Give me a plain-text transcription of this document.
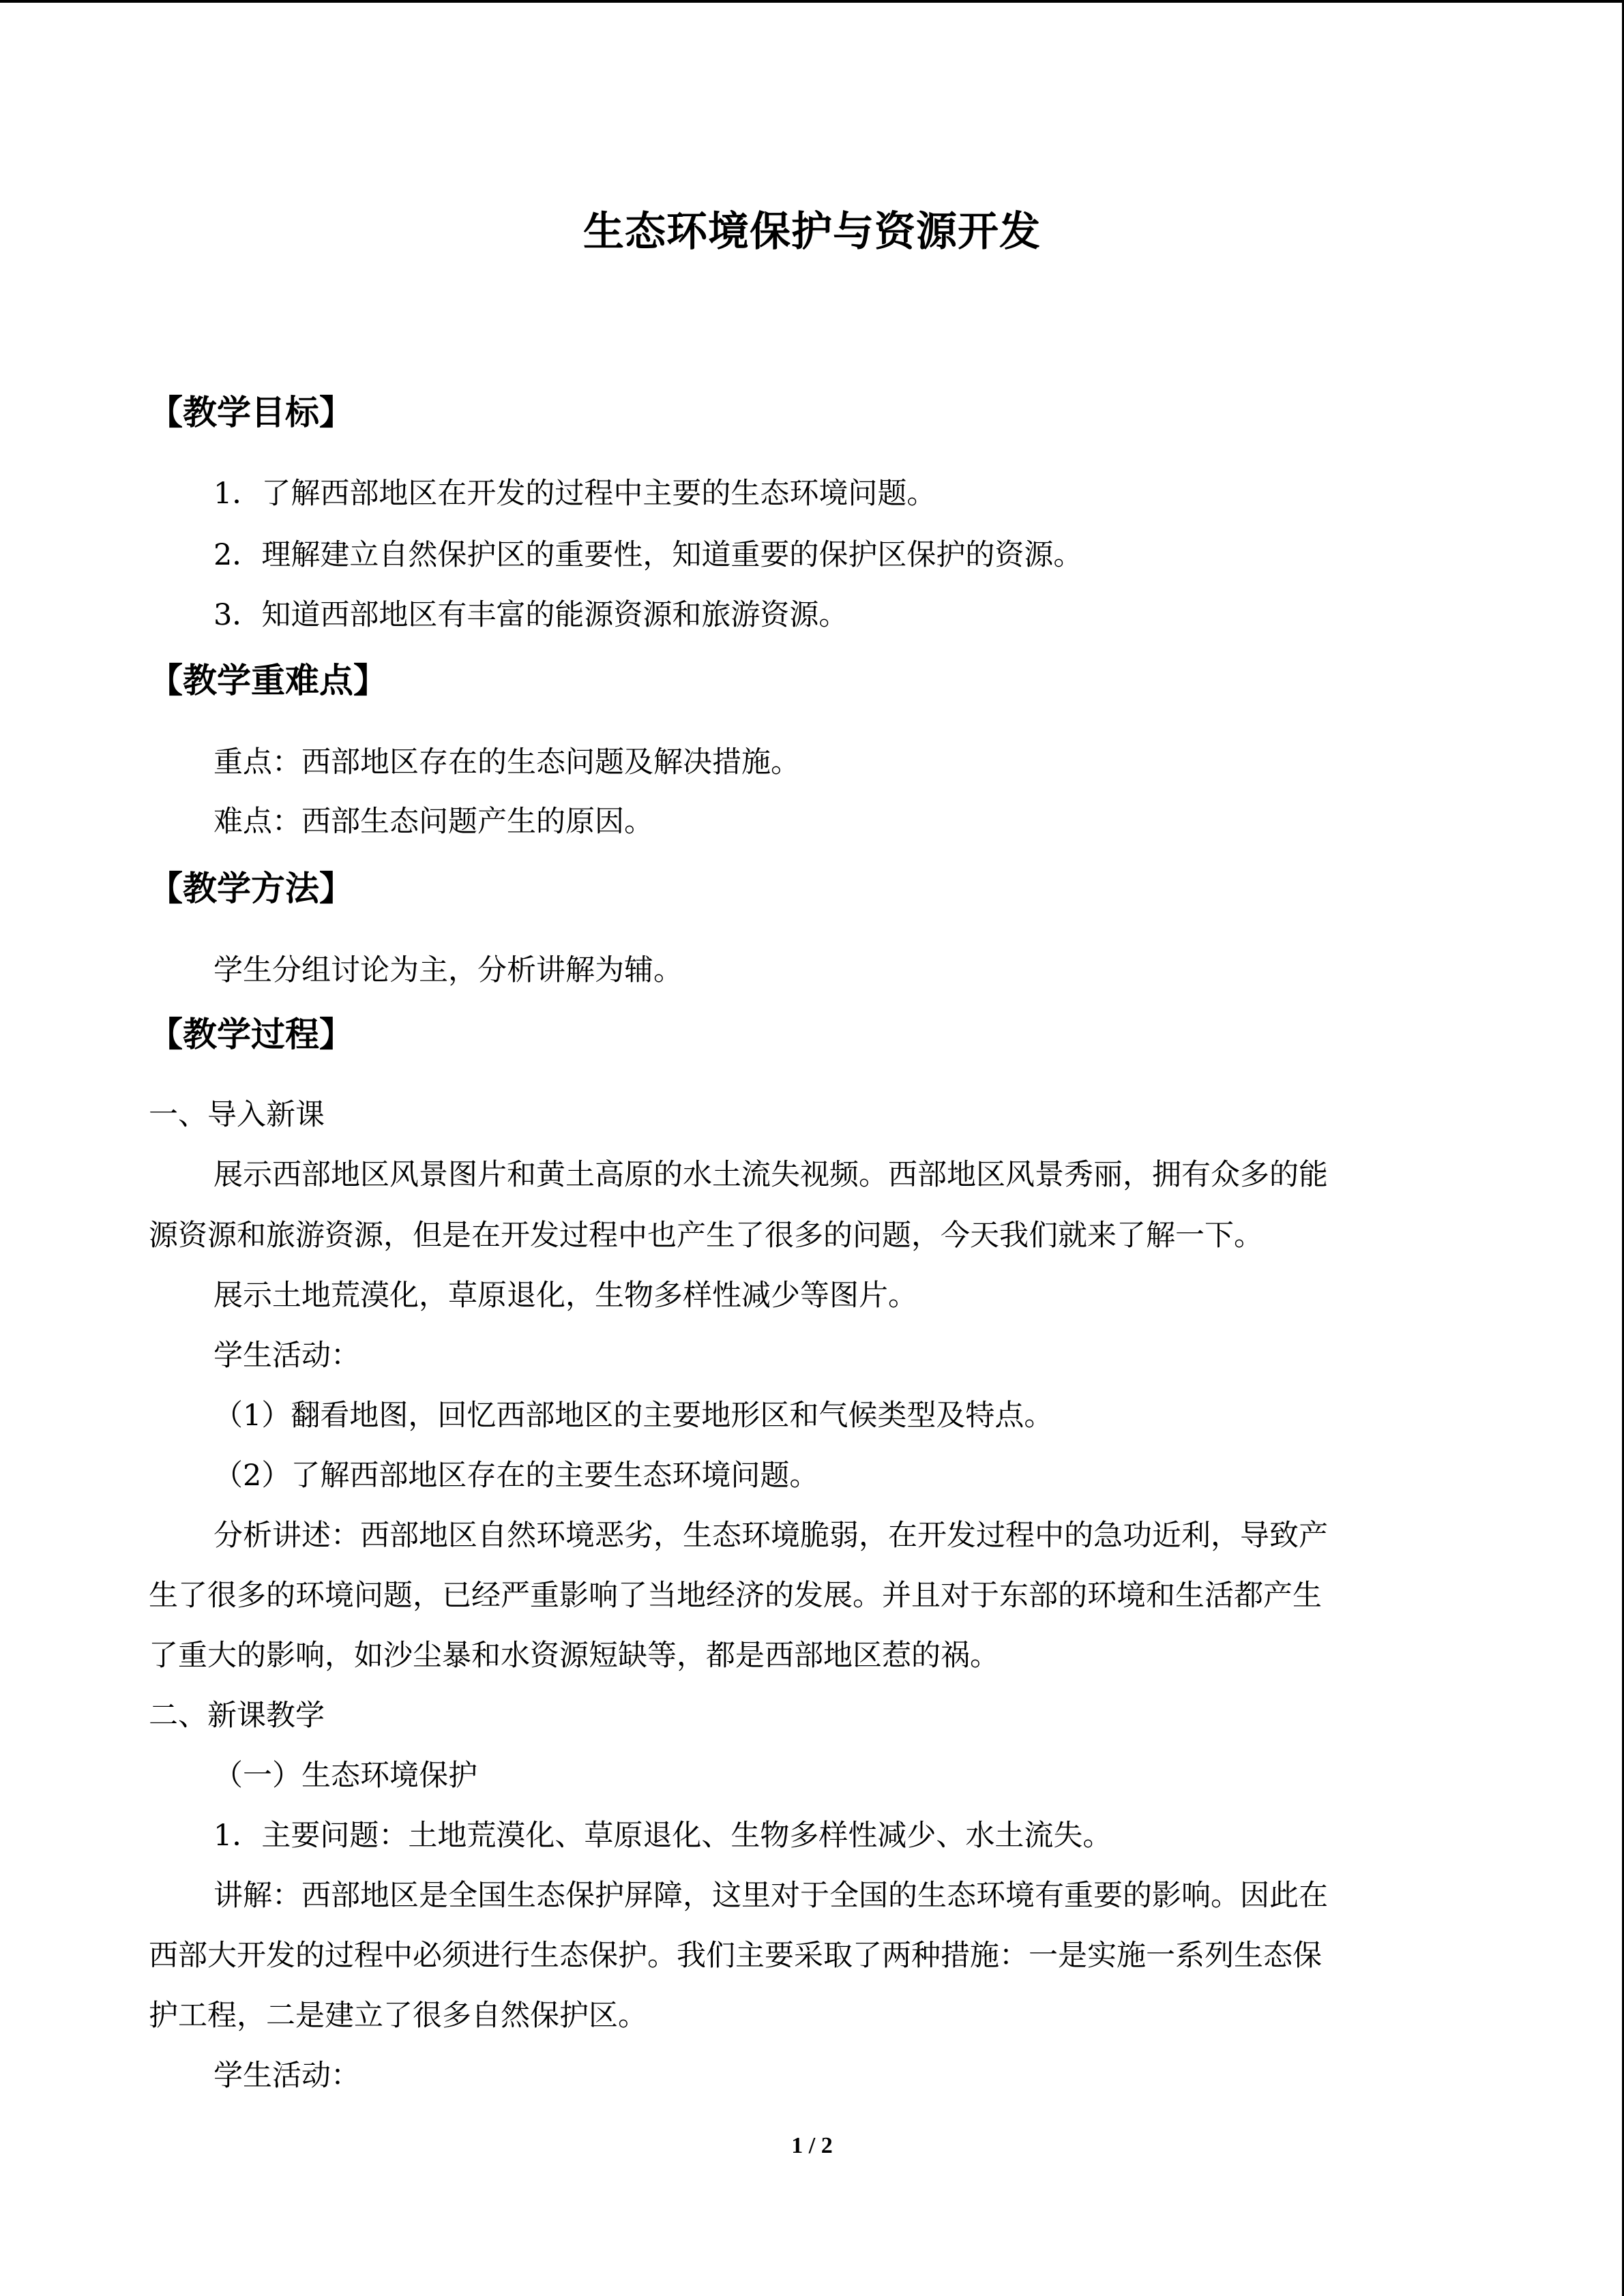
生态环境保护与资源开发
【教学目标】
1．了解西部地区在开发的过程中主要的生态环境问题。
2．理解建立自然保护区的重要性，知道重要的保护区保护的资源。
3．知道西部地区有丰富的能源资源和旅游资源。
【教学重难点】
重点：西部地区存在的生态问题及解决措施。
难点：西部生态问题产生的原因。
【教学方法】
学生分组讨论为主，分析讲解为辅。
【教学过程】
一、导入新课
展示西部地区风景图片和黄土高原的水土流失视频。西部地区风景秀丽，拥有众多的能
源资源和旅游资源，但是在开发过程中也产生了很多的问题，今天我们就来了解一下。
展示土地荒漠化，草原退化，生物多样性减少等图片。
学生活动：
（1）翻看地图，回忆西部地区的主要地形区和气候类型及特点。
（2）了解西部地区存在的主要生态环境问题。
分析讲述：西部地区自然环境恶劣，生态环境脆弱，在开发过程中的急功近利，导致产
生了很多的环境问题，已经严重影响了当地经济的发展。并且对于东部的环境和生活都产生
了重大的影响，如沙尘暴和水资源短缺等，都是西部地区惹的祸。
二、新课教学
（一）生态环境保护
1．主要问题：土地荒漠化、草原退化、生物多样性减少、水土流失。
讲解：西部地区是全国生态保护屏障，这里对于全国的生态环境有重要的影响。因此在
西部大开发的过程中必须进行生态保护。我们主要采取了两种措施：一是实施一系列生态保
护工程，二是建立了很多自然保护区。
学生活动：
1 / 2
